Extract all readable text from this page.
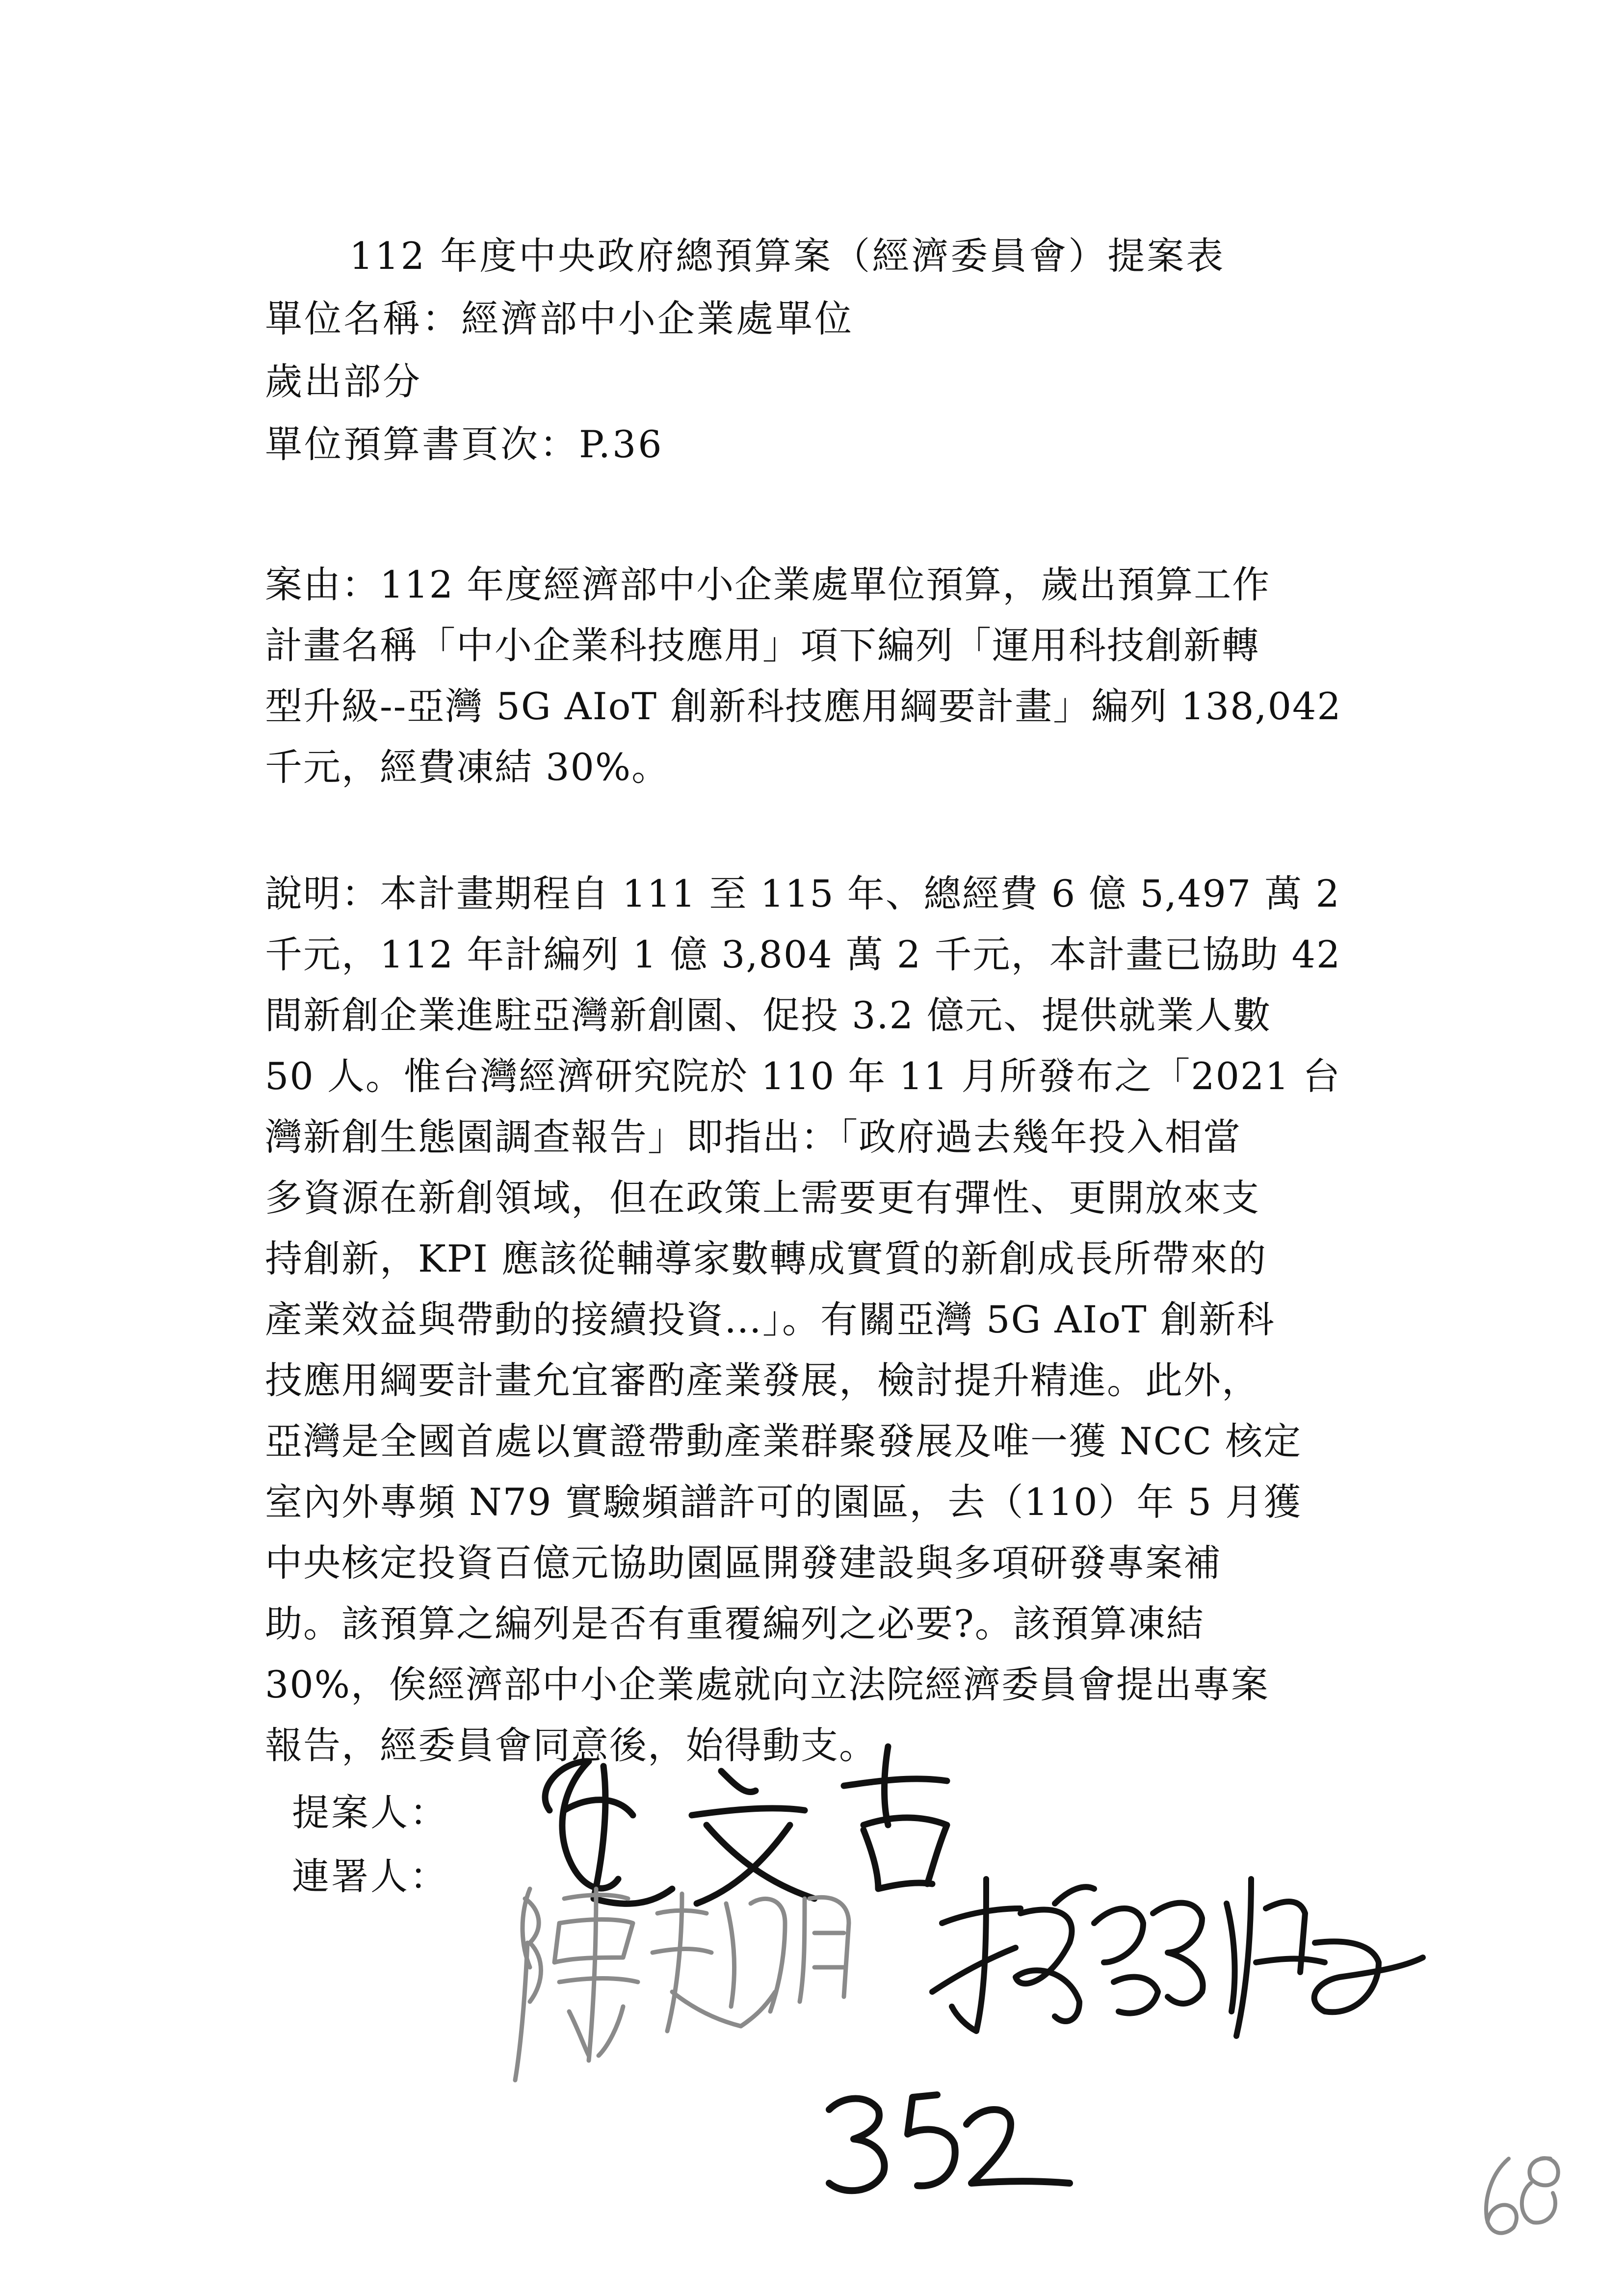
112 年度中央政府總預算案（經濟委員會）提案表
單位名稱：經濟部中小企業處單位
歲出部分
單位預算書頁次：P.36
案由：112 年度經濟部中小企業處單位預算，歲出預算工作
計畫名稱「中小企業科技應用」項下編列「運用科技創新轉
型升級--亞灣 5G AIoT 創新科技應用綱要計畫」編列 138,042
千元，經費凍結 30%。
說明：本計畫期程自 111 至 115 年、總經費 6 億 5,497 萬 2
千元，112 年計編列 1 億 3,804 萬 2 千元，本計畫已協助 42
間新創企業進駐亞灣新創園、促投 3.2 億元、提供就業人數
50 人。惟台灣經濟研究院於 110 年 11 月所發布之「2021 台
灣新創生態園調查報告」即指出：「政府過去幾年投入相當
多資源在新創領域，但在政策上需要更有彈性、更開放來支
持創新，KPI 應該從輔導家數轉成實質的新創成長所帶來的
產業效益與帶動的接續投資…」。有關亞灣 5G AIoT 創新科
技應用綱要計畫允宜審酌產業發展，檢討提升精進。此外，
亞灣是全國首處以實證帶動產業群聚發展及唯一獲 NCC 核定
室內外專頻 N79 實驗頻譜許可的園區，去（110）年 5 月獲
中央核定投資百億元協助園區開發建設與多項研發專案補
助。該預算之編列是否有重覆編列之必要?。該預算凍結
30%，俟經濟部中小企業處就向立法院經濟委員會提出專案
報告，經委員會同意後，始得動支。
提案人：
連署人：
